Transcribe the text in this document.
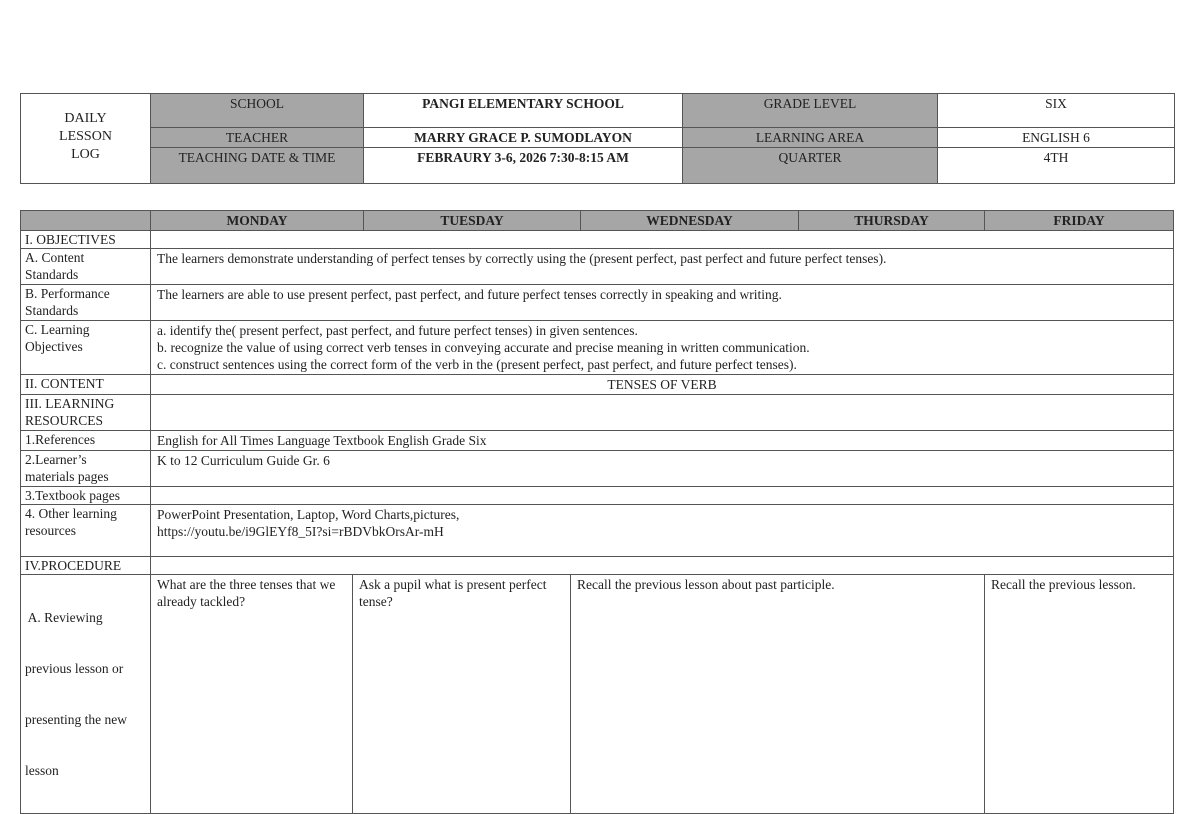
DAILY
LESSON
LOG	SCHOOL	PANGI ELEMENTARY SCHOOL	GRADE LEVEL	SIX
	TEACHER	MARRY GRACE P. SUMODLAYON	LEARNING AREA	ENGLISH 6
	TEACHING DATE & TIME	FEBRAURY 3-6, 2026 7:30-8:15 AM	QUARTER	4TH
	MONDAY		TUESDAY		WEDNESDAY	THURSDAY	FRIDAY
I. OBJECTIVES							

A. Content
Standards	The learners demonstrate understanding of perfect tenses by correctly using the (present perfect, past perfect and future perfect tenses).						

B. Performance
Standards	The learners are able to use present perfect, past perfect, and future perfect tenses correctly in speaking and writing.						

C. Learning
Objectives	a. identify the( present perfect, past perfect, and future perfect tenses) in given sentences.
b. recognize the value of using correct verb tenses in conveying accurate and precise meaning in written communication.
c. construct sentences using the correct form of the verb in the (present perfect, past perfect, and future perfect tenses).						

II. CONTENT	TENSES OF VERB						

III. LEARNING
RESOURCES							

1.References	English for All Times Language Textbook English Grade Six						

2.Learner’s
materials pages	K to 12 Curriculum Guide Gr. 6						
3.Textbook pages							

4. Other learning
resources	PowerPoint Presentation, Laptop, Word Charts,pictures,
https://youtu.be/i9GlEYf8_5I?si=rBDVbkOrsAr-mH						

IV.PROCEDURE							

A. Reviewing

previous lesson or

presenting the new

lesson	What are the three tenses that we already tackled?	Ask a pupil what is present perfect tense?		Recall the previous lesson about past participle.			Recall the previous lesson.
